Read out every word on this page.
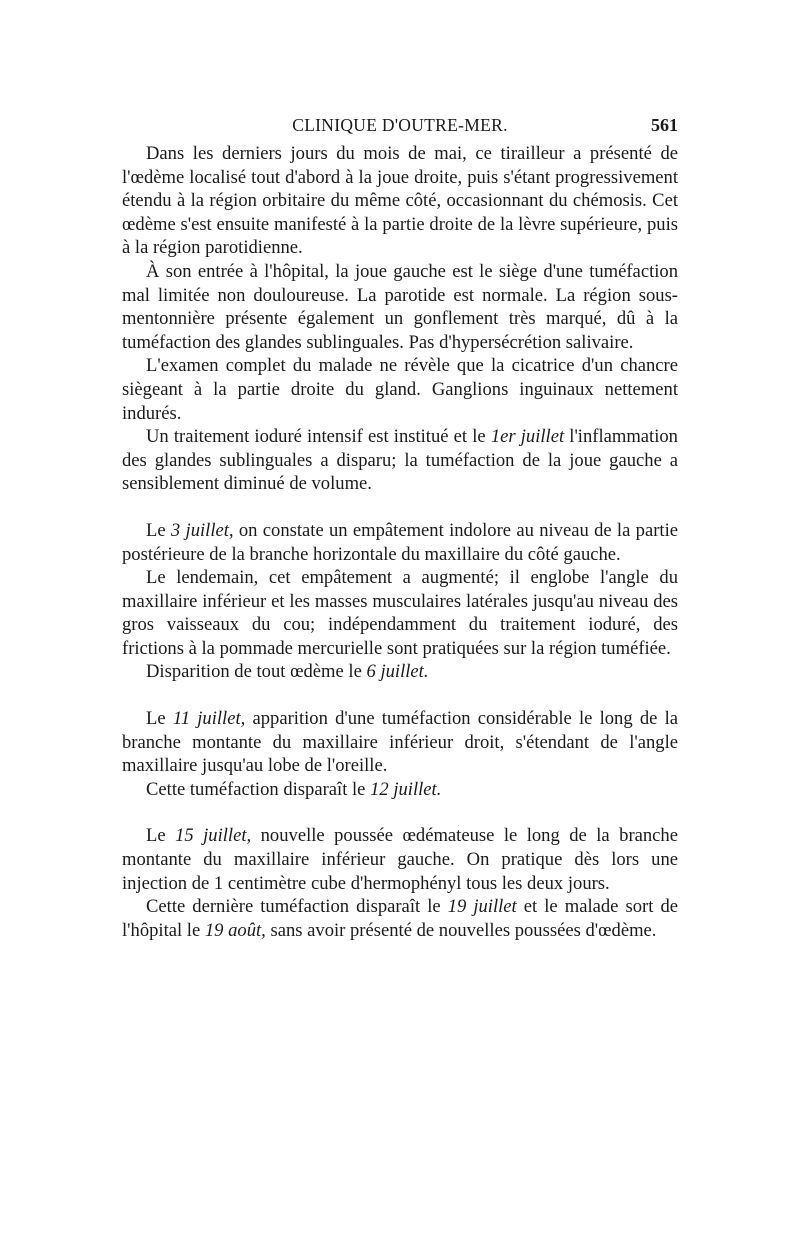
CLINIQUE D'OUTRE-MER.	561

Dans les derniers jours du mois de mai, ce tirailleur a présenté de l'œdème localisé tout d'abord à la joue droite, puis s'étant progressivement étendu à la région orbitaire du même côté, occasionnant du chémosis. Cet œdème s'est ensuite manifesté à la partie droite de la lèvre supérieure, puis à la région parotidienne.

À son entrée à l'hôpital, la joue gauche est le siège d'une tuméfaction mal limitée non douloureuse. La parotide est normale. La région sous-mentonnière présente également un gonflement très marqué, dû à la tuméfaction des glandes sublinguales. Pas d'hypersécrétion salivaire.

L'examen complet du malade ne révèle que la cicatrice d'un chancre siègeant à la partie droite du gland. Ganglions inguinaux nettement indurés.

Un traitement ioduré intensif est institué et le 1er juillet l'inflammation des glandes sublinguales a disparu; la tuméfaction de la joue gauche a sensiblement diminué de volume.

Le 3 juillet, on constate un empâtement indolore au niveau de la partie postérieure de la branche horizontale du maxillaire du côté gauche.

Le lendemain, cet empâtement a augmenté; il englobe l'angle du maxillaire inférieur et les masses musculaires latérales jusqu'au niveau des gros vaisseaux du cou; indépendamment du traitement ioduré, des frictions à la pommade mercurielle sont pratiquées sur la région tuméfiée.

Disparition de tout œdème le 6 juillet.

Le 11 juillet, apparition d'une tuméfaction considérable le long de la branche montante du maxillaire inférieur droit, s'étendant de l'angle maxillaire jusqu'au lobe de l'oreille.

Cette tuméfaction disparaît le 12 juillet.

Le 15 juillet, nouvelle poussée œdémateuse le long de la branche montante du maxillaire inférieur gauche. On pratique dès lors une injection de 1 centimètre cube d'hermophényl tous les deux jours.

Cette dernière tuméfaction disparaît le 19 juillet et le malade sort de l'hôpital le 19 août, sans avoir présenté de nouvelles poussées d'œdème.
